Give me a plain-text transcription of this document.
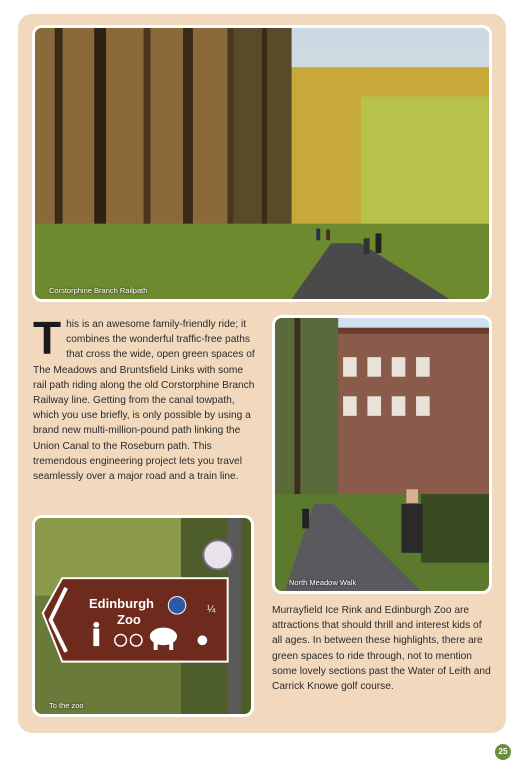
Corstorphine Branch Railpath
North Meadow Walk
Edinburgh
Zoo
¼
To the zoo
T his is an awesome family-friendly ride; it combines the wonderful traffic-free paths that cross the wide, open green spaces of The Meadows and Bruntsfield Links with some rail path riding along the old Corstorphine Branch Railway line. Getting from the canal towpath, which you use briefly, is only possible by using a brand new multi-million-pound path linking the Union Canal to the Roseburn path. This tremendous engineering project lets you travel seamlessly over a major road and a train line.
Murrayfield Ice Rink and Edinburgh Zoo are attractions that should thrill and interest kids of all ages. In between these highlights, there are green spaces to ride through, not to mention some lovely sections past the Water of Leith and Carrick Knowe golf course.
25
